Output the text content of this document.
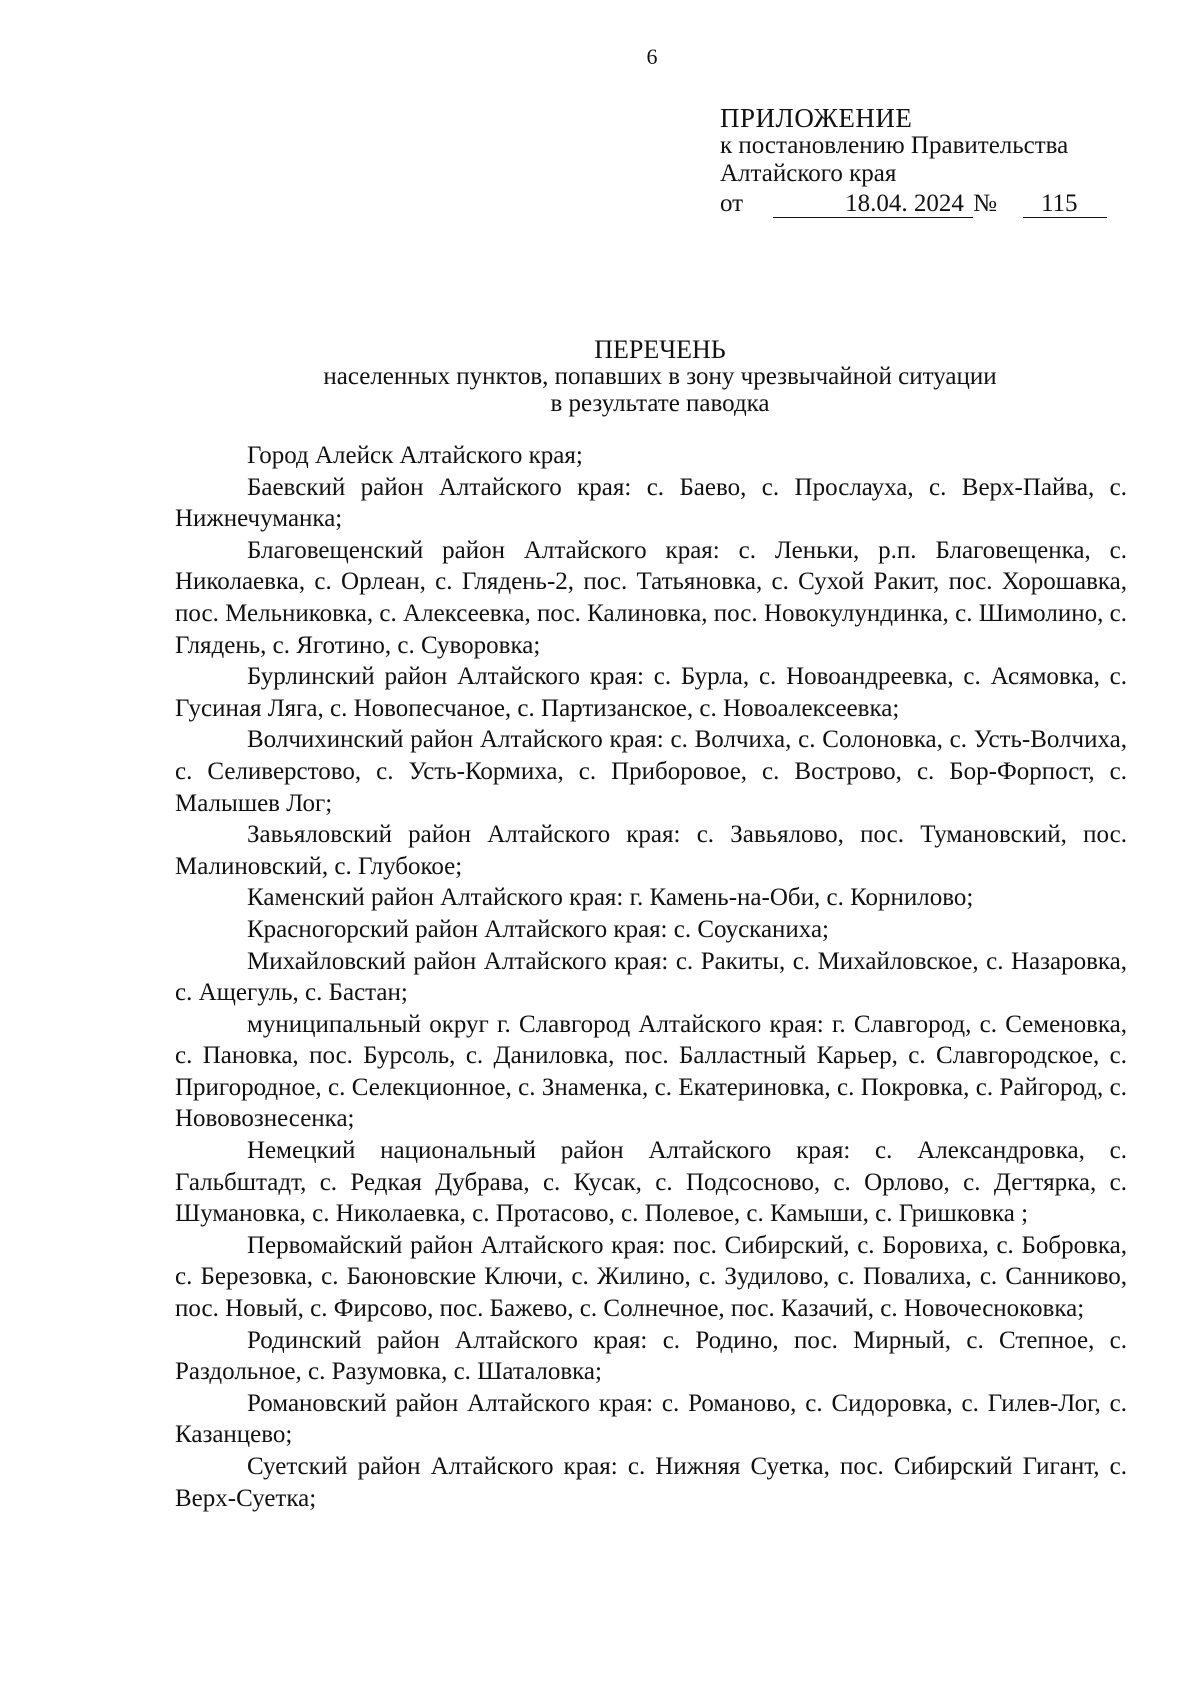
6
ПРИЛОЖЕНИЕ
к постановлению Правительства
Алтайского края
от	18.04. 2024 №	115
ПЕРЕЧЕНЬ
населенных пунктов, попавших в зону чрезвычайной ситуации
в результате паводка

Город Алейск Алтайского края;

Баевский район Алтайского края: с. Баево, с. Прослауха, с. Верх-Пайва, с. Нижнечуманка;

Благовещенский район Алтайского края: с. Леньки, р.п. Благовещенка, с. Николаевка, с. Орлеан, с. Глядень-2, пос. Татьяновка, с. Сухой Ракит, пос. Хорошавка, пос. Мельниковка, с. Алексеевка, пос. Калиновка, пос. Новокулундинка, с. Шимолино, с. Глядень, с. Яготино, с. Суворовка;

Бурлинский район Алтайского края: с. Бурла, с. Новоандреевка, с. Асямовка, с. Гусиная Ляга, с. Новопесчаное, с. Партизанское, с. Новоалексеевка;

Волчихинский район Алтайского края: с. Волчиха, с. Солоновка, с. Усть-Волчиха, с. Селиверстово, с. Усть-Кормиха, с. Приборовое, с. Вострово, с. Бор-Форпост, с. Малышев Лог;

Завьяловский район Алтайского края: с. Завьялово, пос. Тумановский, пос. Малиновский, с. Глубокое;

Каменский район Алтайского края: г. Камень-на-Оби, с. Корнилово;

Красногорский район Алтайского края: с. Соусканиха;

Михайловский район Алтайского края: с. Ракиты, с. Михайловское, с. Назаровка, с. Ащегуль, с. Бастан;

муниципальный округ г. Славгород Алтайского края: г. Славгород, с. Семеновка, с. Пановка, пос. Бурсоль, с. Даниловка, пос. Балластный Карьер, с. Славгородское, с. Пригородное, с. Селекционное, с. Знаменка, с. Екатериновка, с. Покровка, с. Райгород, с. Нововознесенка;

Немецкий национальный район Алтайского края: с. Александровка, с. Гальбштадт, с. Редкая Дубрава, с. Кусак, с. Подсосново, с. Орлово, с. Дегтярка, с. Шумановка, с. Николаевка, с. Протасово, с. Полевое, с. Камыши, с. Гришковка ;

Первомайский район Алтайского края: пос. Сибирский, с. Боровиха, с. Бобровка, с. Березовка, с. Баюновские Ключи, с. Жилино, с. Зудилово, с. Повалиха, с. Санниково, пос. Новый, с. Фирсово, пос. Бажево, с. Солнечное, пос. Казачий, с. Новочесноковка;

Родинский район Алтайского края: с. Родино, пос. Мирный, с. Степное, с. Раздольное, с. Разумовка, с. Шаталовка;

Романовский район Алтайского края: с. Романово, с. Сидоровка, с. Гилев-Лог, с. Казанцево;

Суетский район Алтайского края: с. Нижняя Суетка, пос. Сибирский Гигант, с. Верх-Суетка;
